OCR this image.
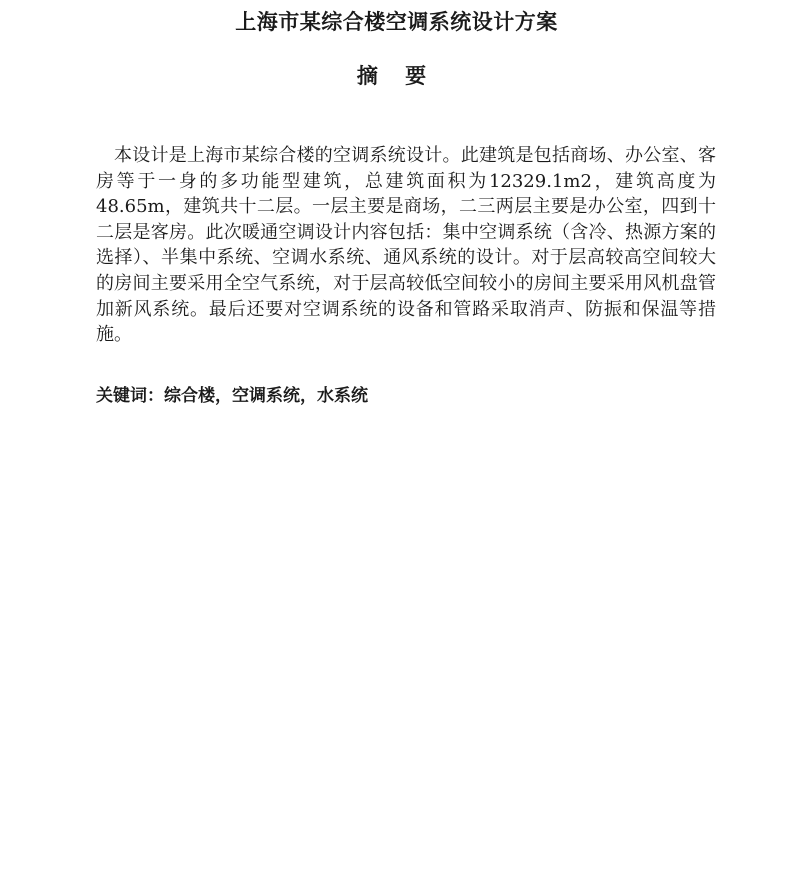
上海市某综合楼空调系统设计方案
摘 要

本设计是上海市某综合楼的空调系统设计。此建筑是包括商场、办公室、客房等于一身的多功能型建筑，总建筑面积为12329.1m2，建筑高度为48.65m，建筑共十二层。一层主要是商场，二三两层主要是办公室，四到十二层是客房。此次暖通空调设计内容包括：集中空调系统（含冷、热源方案的选择）、半集中系统、空调水系统、通风系统的设计。对于层高较高空间较大的房间主要采用全空气系统，对于层高较低空间较小的房间主要采用风机盘管加新风系统。最后还要对空调系统的设备和管路采取消声、防振和保温等措施。

关键词：综合楼，空调系统，水系统
